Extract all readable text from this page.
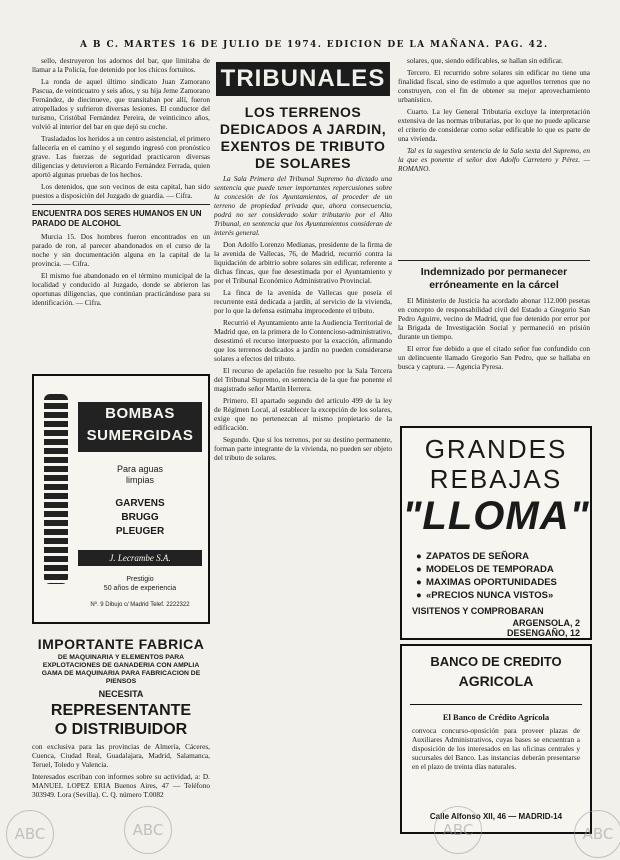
A B C. MARTES 16 DE JULIO DE 1974. EDICION DE LA MAÑANA. PAG. 42.

sello, destruyeron los adornos del bar, que limitaba de llamar a la Policía, fue detenido por los chicos fortuitos.

La ronda de aquel último sindicato Juan Zamorano Pascua, de veinticuatro y seis años, y su hija Jeme Zamorano Fernández, de diecinueve, que transitaban por allí, fueron atropellados y sufrieron diversas lesiones. El conductor del turismo, Cristóbal Fernández Pereira, de veinticinco años, volvió al interior del bar en que dejó su coche.

Trasladados los heridos a un centro asistencial, el primero fallecería en el camino y el segundo ingresó con pronóstico grave. Las fuerzas de seguridad practicaron diversas diligencias y detuvieron a Ricardo Fernández Ferrada, quien aportó algunas pruebas de los hechos.

Los detenidos, que son vecinos de esta capital, han sido puestos a disposición del Juzgado de guardia. — Cifra.

ENCUENTRA DOS SERES HUMANOS EN UN PARADO DE ALCOHOL

Murcia 15. Dos hombres fueron encontrados en un parado de ron, al parecer abandonados en el curso de la noche y sin documentación alguna en la capital de la provincia. — Cifra.

El mismo fue abandonado en el término municipal de la localidad y conducido al Juzgado, donde se abrieron las oportunas diligencias, que continúan practicándose para su identificación. — Cifra.

BOMBAS
SUMERGIDAS
Para aguas
limpias
GARVENS
BRUGG
PLEUGER
J. Lecrambe S.A.
Prestigio
50 años de experiencia
Nº. 9 Dibujo c/ Madrid Telef. 2222322
IMPORTANTE FABRICA
DE MAQUINARIA Y ELEMENTOS PARA EXPLOTACIONES DE GANADERIA CON AMPLIA GAMA DE MAQUINARIA PARA FABRICACION DE PIENSOS
NECESITA
REPRESENTANTE
O DISTRIBUIDOR

con exclusiva para las provincias de Almería, Cáceres, Cuenca, Ciudad Real, Guadalajara, Madrid, Salamanca, Teruel, Toledo y Valencia.

Interesados escriban con informes sobre su actividad, a: D. MANUEL LOPEZ ERIA Buenos Aires, 47 — Teléfono 303949. Lora (Sevilla). C. Q. número T.0082

TRIBUNALES
LOS TERRENOS DEDICADOS A JARDIN, EXENTOS DE TRIBUTO DE SOLARES

La Sala Primera del Tribunal Supremo ha dictado una sentencia que puede tener importantes repercusiones sobre la concesión de los Ayuntamientos, al proceder de un terreno de propiedad privada que, ahora consecuencia, podrá no ser considerado solar tributario por el Alto Tribunal, en sentencia que los Ayuntamientos consideran de interés general.

Don Adolfo Lorenzo Medianas, presidente de la firma de la avenida de Vallecas, 76, de Madrid, recurrió contra la liquidación de arbitrio sobre solares sin edificar, referente a dichas fincas, que fue desestimada por el Ayuntamiento y por el Tribunal Económico Administrativo Provincial.

La finca de la avenida de Vallecas que poseía el recurrente está dedicada a jardín, al servicio de la vivienda, por lo que la defensa estimaba improcedente el tributo.

Recurrió el Ayuntamiento ante la Audiencia Territorial de Madrid que, en la primera de lo Contencioso-administrativo, desestimó el recurso interpuesto por la exacción, afirmando que los terrenos dedicados a jardín no pueden considerarse solares a efectos del tributo.

El recurso de apelación fue resuelto por la Sala Tercera del Tribunal Supremo, en sentencia de la que fue ponente el magistrado señor Martín Herrera.

Primero. El apartado segundo del artículo 499 de la ley de Régimen Local, al establecer la excepción de los solares, exige que no pertenezcan al mismo propietario de la edificación.

Segundo. Que si los terrenos, por su destino permanente, forman parte integrante de la vivienda, no pueden ser objeto del tributo de solares.

solares, que, siendo edificables, se hallan sin edificar.

Tercero. El recurrido sobre solares sin edificar no tiene una finalidad fiscal, sino de estímulo a que aquellos terrenos que no construyen, con el fin de obtener su mejor aprovechamiento urbanístico.

Cuarto. La ley General Tributaria excluye la interpretación extensiva de las normas tributarias, por lo que no puede aplicarse el criterio de considerar como solar edificable lo que es parte de una vivienda.

Tal es la sugestiva sentencia de la Sala sexta del Supremo, en la que es ponente el señor don Adolfo Carretero y Pérez. — ROMANO.

Indemnizado por permanecer erróneamente en la cárcel

El Ministerio de Justicia ha acordado abonar 112.000 pesetas en concepto de responsabilidad civil del Estado a Gregorio San Pedro Aguirre, vecino de Madrid, que fue detenido por error por la Brigada de Investigación Social y permaneció en prisión durante un tiempo.

El error fue debido a que el citado señor fue confundido con un delincuente llamado Gregorio San Pedro, que se hallaba en busca y captura. — Agencia Pyresa.

GRANDES
REBAJAS
"LLOMA"
● ZAPATOS DE SEÑORA
● MODELOS DE TEMPORADA
● MAXIMAS OPORTUNIDADES
● «PRECIOS NUNCA VISTOS»
VISITENOS Y COMPROBARAN
ARGENSOLA, 2
DESENGAÑO, 12
BANCO DE CREDITO
AGRICOLA
El Banco de Crédito Agrícola

convoca concurso-oposición para proveer plazas de Auxiliares Administrativos, cuyas bases se encuentran a disposición de los interesados en las oficinas centrales y sucursales del Banco. Las instancias deberán presentarse en el plazo de treinta días naturales.

Calle Alfonso XII, 46 — MADRID-14
ABC	ABC
ABC	ABC
